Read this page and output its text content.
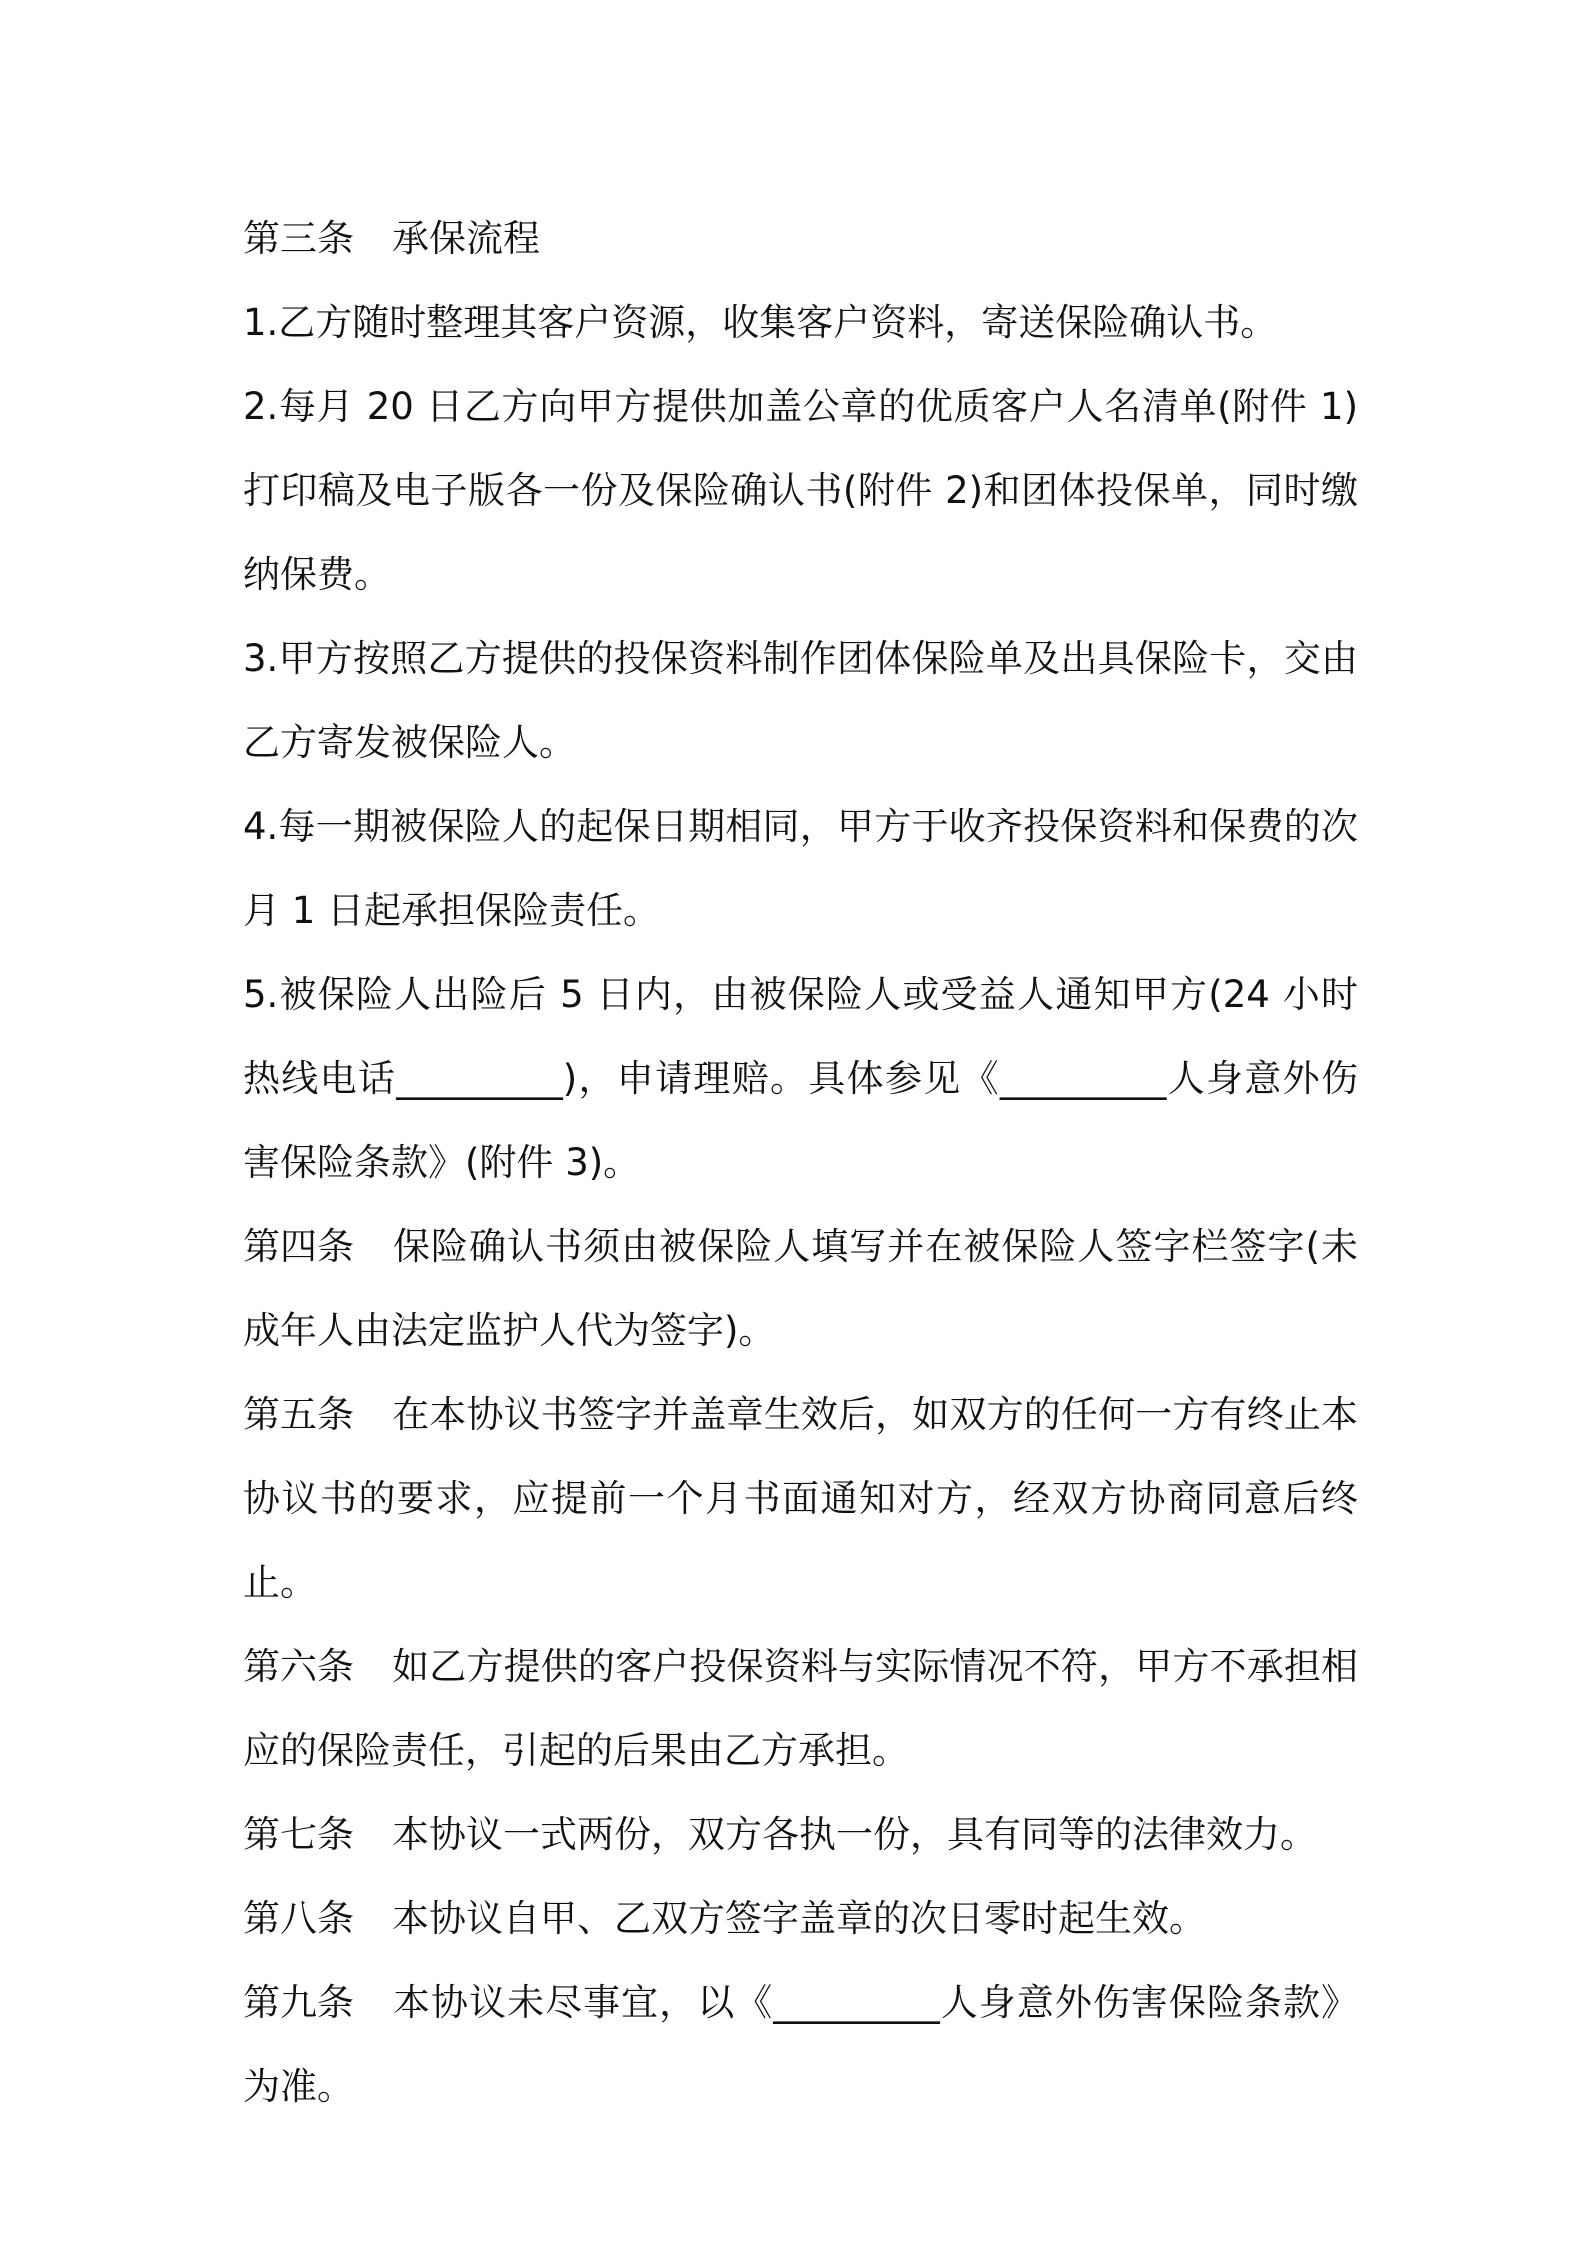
第三条 承保流程

1.乙方随时整理其客户资源，收集客户资料，寄送保险确认书。

2.每月 20 日乙方向甲方提供加盖公章的优质客户人名清单(附件 1)打印稿及电子版各一份及保险确认书(附件 2)和团体投保单，同时缴纳保费。

3.甲方按照乙方提供的投保资料制作团体保险单及出具保险卡，交由乙方寄发被保险人。

4.每一期被保险人的起保日期相同，甲方于收齐投保资料和保费的次月 1 日起承担保险责任。

5.被保险人出险后 5 日内，由被保险人或受益人通知甲方(24 小时热线电话_________)，申请理赔。具体参见《_________人身意外伤害保险条款》(附件 3)。

第四条 保险确认书须由被保险人填写并在被保险人签字栏签字(未成年人由法定监护人代为签字)。

第五条 在本协议书签字并盖章生效后，如双方的任何一方有终止本协议书的要求，应提前一个月书面通知对方，经双方协商同意后终止。

第六条 如乙方提供的客户投保资料与实际情况不符，甲方不承担相应的保险责任，引起的后果由乙方承担。

第七条 本协议一式两份，双方各执一份，具有同等的法律效力。

第八条 本协议自甲、乙双方签字盖章的次日零时起生效。

第九条 本协议未尽事宜，以《_________人身意外伤害保险条款》为准。
